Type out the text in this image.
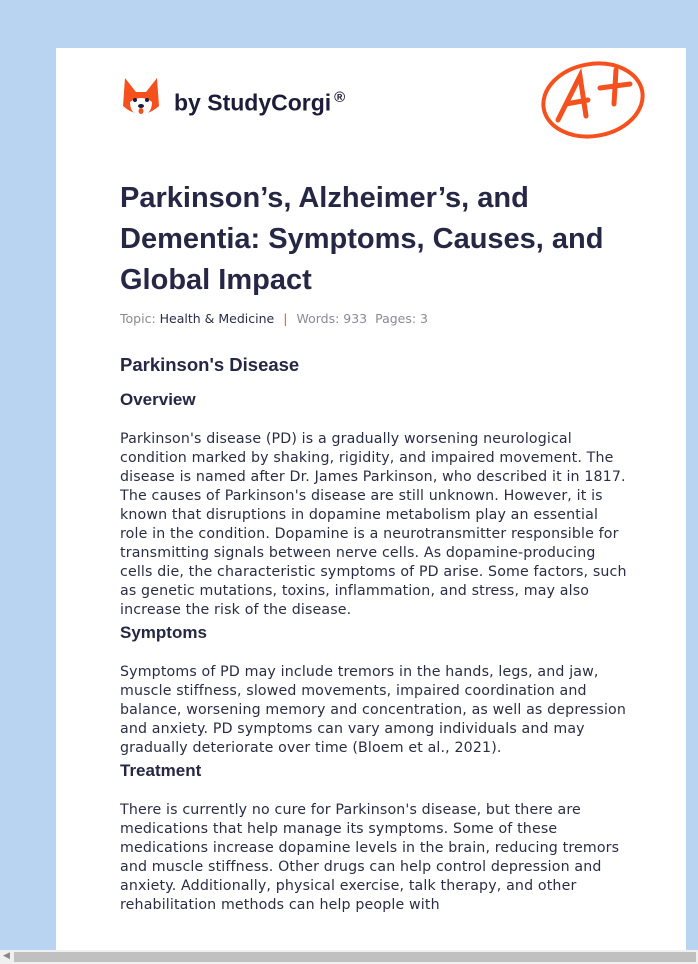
by StudyCorgi ®
Parkinson’s, Alzheimer’s, and Dementia: Symptoms, Causes, and Global Impact
Topic: Health & Medicine | Words: 933 Pages: 3
Parkinson's Disease
Overview

Parkinson's disease (PD) is a gradually worsening neurological condition marked by shaking, rigidity, and impaired movement. The disease is named after Dr. James Parkinson, who described it in 1817. The causes of Parkinson's disease are still unknown. However, it is known that disruptions in dopamine metabolism play an essential role in the condition. Dopamine is a neurotransmitter responsible for transmitting signals between nerve cells. As dopamine-producing cells die, the characteristic symptoms of PD arise. Some factors, such as genetic mutations, toxins, inflammation, and stress, may also increase the risk of the disease.

Symptoms

Symptoms of PD may include tremors in the hands, legs, and jaw, muscle stiffness, slowed movements, impaired coordination and balance, worsening memory and concentration, as well as depression and anxiety. PD symptoms can vary among individuals and may gradually deteriorate over time (Bloem et al., 2021).

Treatment

There is currently no cure for Parkinson's disease, but there are medications that help manage its symptoms. Some of these medications increase dopamine levels in the brain, reducing tremors and muscle stiffness. Other drugs can help control depression and anxiety. Additionally, physical exercise, talk therapy, and other rehabilitation methods can help people with

◀
